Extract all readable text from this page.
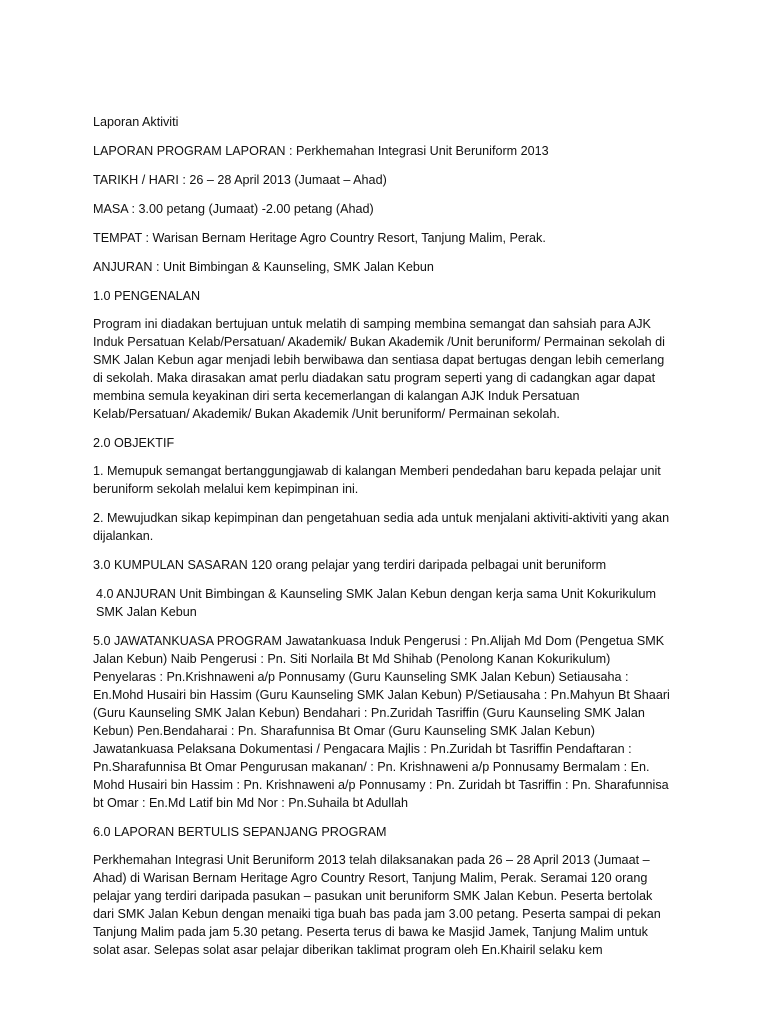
Laporan Aktiviti

LAPORAN PROGRAM LAPORAN : Perkhemahan Integrasi Unit Beruniform 2013

TARIKH / HARI : 26 – 28 April 2013 (Jumaat – Ahad)

MASA : 3.00 petang (Jumaat) -2.00 petang (Ahad)

TEMPAT : Warisan Bernam Heritage Agro Country Resort, Tanjung Malim, Perak.

ANJURAN : Unit Bimbingan & Kaunseling, SMK Jalan Kebun

1.0 PENGENALAN

Program ini diadakan bertujuan untuk melatih di samping membina semangat dan sahsiah para AJK Induk Persatuan Kelab/Persatuan/ Akademik/ Bukan Akademik /Unit beruniform/ Permainan sekolah di SMK Jalan Kebun agar menjadi lebih berwibawa dan sentiasa dapat bertugas dengan lebih cemerlang di sekolah. Maka dirasakan amat perlu diadakan satu program seperti yang di cadangkan agar dapat membina semula keyakinan diri serta kecemerlangan di kalangan AJK Induk Persatuan Kelab/Persatuan/ Akademik/ Bukan Akademik /Unit beruniform/ Permainan sekolah.

2.0 OBJEKTIF

1. Memupuk semangat bertanggungjawab di kalangan Memberi pendedahan baru kepada pelajar unit beruniform sekolah melalui kem kepimpinan ini.

2. Mewujudkan sikap kepimpinan dan pengetahuan sedia ada untuk menjalani aktiviti-aktiviti yang akan dijalankan.

3.0 KUMPULAN SASARAN 120 orang pelajar yang terdiri daripada pelbagai unit beruniform

4.0 ANJURAN Unit Bimbingan & Kaunseling SMK Jalan Kebun dengan kerja sama Unit Kokurikulum SMK Jalan Kebun

5.0 JAWATANKUASA PROGRAM Jawatankuasa Induk Pengerusi : Pn.Alijah Md Dom (Pengetua SMK Jalan Kebun) Naib Pengerusi : Pn. Siti Norlaila Bt Md Shihab (Penolong Kanan Kokurikulum) Penyelaras : Pn.Krishnaweni a/p Ponnusamy (Guru Kaunseling SMK Jalan Kebun) Setiausaha : En.Mohd Husairi bin Hassim (Guru Kaunseling SMK Jalan Kebun) P/Setiausaha : Pn.Mahyun Bt Shaari (Guru Kaunseling SMK Jalan Kebun) Bendahari : Pn.Zuridah Tasriffin (Guru Kaunseling SMK Jalan Kebun) Pen.Bendaharai : Pn. Sharafunnisa Bt Omar (Guru Kaunseling SMK Jalan Kebun) Jawatankuasa Pelaksana Dokumentasi / Pengacara Majlis : Pn.Zuridah bt Tasriffin Pendaftaran : Pn.Sharafunnisa Bt Omar Pengurusan makanan/ : Pn. Krishnaweni a/p Ponnusamy Bermalam : En. Mohd Husairi bin Hassim : Pn. Krishnaweni a/p Ponnusamy : Pn. Zuridah bt Tasriffin : Pn. Sharafunnisa bt Omar : En.Md Latif bin Md Nor : Pn.Suhaila bt Adullah

6.0 LAPORAN BERTULIS SEPANJANG PROGRAM

Perkhemahan Integrasi Unit Beruniform 2013 telah dilaksanakan pada 26 – 28 April 2013 (Jumaat – Ahad) di Warisan Bernam Heritage Agro Country Resort, Tanjung Malim, Perak. Seramai 120 orang pelajar yang terdiri daripada pasukan – pasukan unit beruniform SMK Jalan Kebun. Peserta bertolak dari SMK Jalan Kebun dengan menaiki tiga buah bas pada jam 3.00 petang. Peserta sampai di pekan Tanjung Malim pada jam 5.30 petang. Peserta terus di bawa ke Masjid Jamek, Tanjung Malim untuk solat asar. Selepas solat asar pelajar diberikan taklimat program oleh En.Khairil selaku kem
